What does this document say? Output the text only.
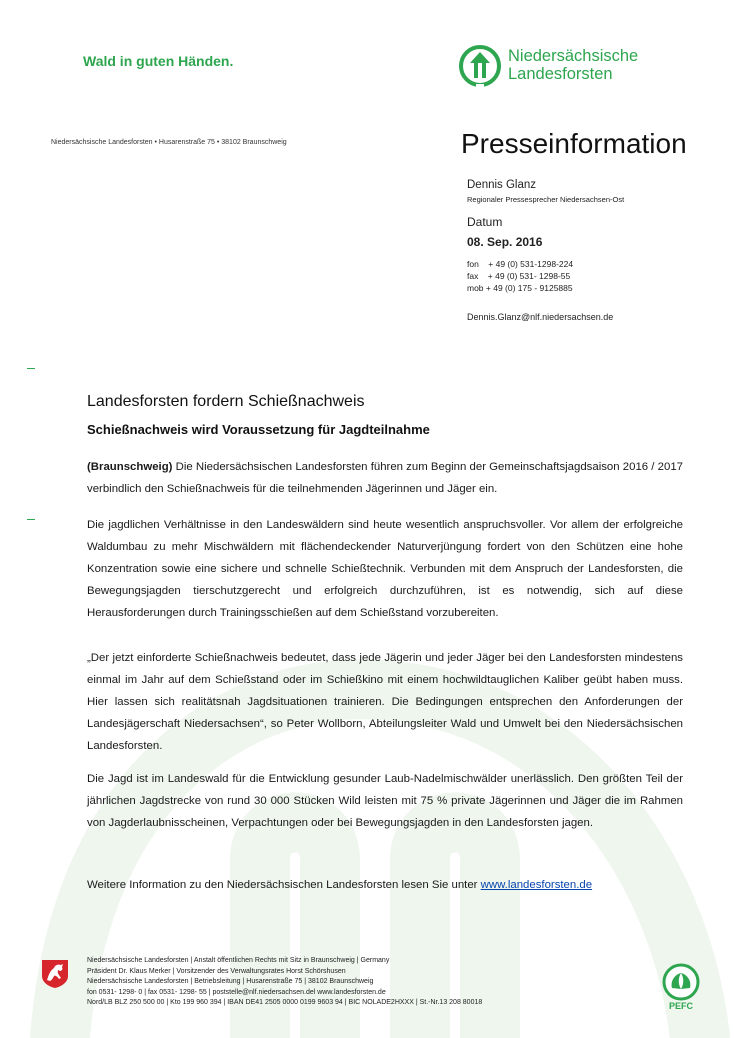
Wald in guten Händen.	Niedersächsische
Landesforsten
Niedersächsische Landesforsten • Husarenstraße 75 • 38102 Braunschweig	Presseinformation
Dennis Glanz
Regionaler Pressesprecher Niedersachsen-Ost
Datum
08. Sep. 2016
fon    + 49 (0) 531-1298-224
fax    + 49 (0) 531- 1298-55
mob + 49 (0) 175 - 9125885
Dennis.Glanz@nlf.niedersachsen.de
Landesforsten fordern Schießnachweis
Schießnachweis wird Voraussetzung für Jagdteilnahme
(Braunschweig) Die Niedersächsischen Landesforsten führen zum Beginn der Gemeinschaftsjagdsaison 2016 / 2017 verbindlich den Schießnachweis für die teilnehmenden Jägerinnen und Jäger ein.
Die jagdlichen Verhältnisse in den Landeswäldern sind heute wesentlich anspruchsvoller. Vor allem der erfolgreiche Waldumbau zu mehr Mischwäldern mit flächendeckender Naturverjüngung fordert von den Schützen eine hohe Konzentration sowie eine sichere und schnelle Schießtechnik. Verbunden mit dem Anspruch der Landesforsten, die Bewegungsjagden tierschutzgerecht und erfolgreich durchzuführen, ist es notwendig, sich auf diese Herausforderungen durch Trainingsschießen auf dem Schießstand vorzubereiten.
„Der jetzt einforderte Schießnachweis bedeutet, dass jede Jägerin und jeder Jäger bei den Landesforsten mindestens einmal im Jahr auf dem Schießstand oder im Schießkino mit einem hochwildtauglichen Kaliber geübt haben muss. Hier lassen sich realitätsnah Jagdsituationen trainieren. Die Bedingungen entsprechen den Anforderungen der Landesjägerschaft Niedersachsen“, so Peter Wollborn, Abteilungsleiter Wald und Umwelt bei den Niedersächsischen Landesforsten.
Die Jagd ist im Landeswald für die Entwicklung gesunder Laub-Nadelmischwälder unerlässlich. Den größten Teil der jährlichen Jagdstrecke von rund 30 000 Stücken Wild leisten mit 75 % private Jägerinnen und Jäger die im Rahmen von Jagderlaubnisscheinen, Verpachtungen oder bei Bewegungsjagden in den Landesforsten jagen.
Weitere Information zu den Niedersächsischen Landesforsten lesen Sie unter www.landesforsten.de
Niedersächsische Landesforsten | Anstalt öffentlichen Rechts mit Sitz in Braunschweig | Germany
Präsident Dr. Klaus Merker | Vorsitzender des Verwaltungsrates Horst Schörshusen
Niedersächsische Landesforsten | Betriebsleitung | Husarenstraße 75 | 38102 Braunschweig
fon 0531- 1298- 0 | fax 0531- 1298- 55 | poststelle@nlf.niedersachsen.del www.landesforsten.de
Nord/LB BLZ 250 500 00 | Kto 199 960 394 | IBAN DE41 2505 0000 0199 9603 94 | BIC NOLADE2HXXX | St.-Nr.13 208 80018	PEFC
